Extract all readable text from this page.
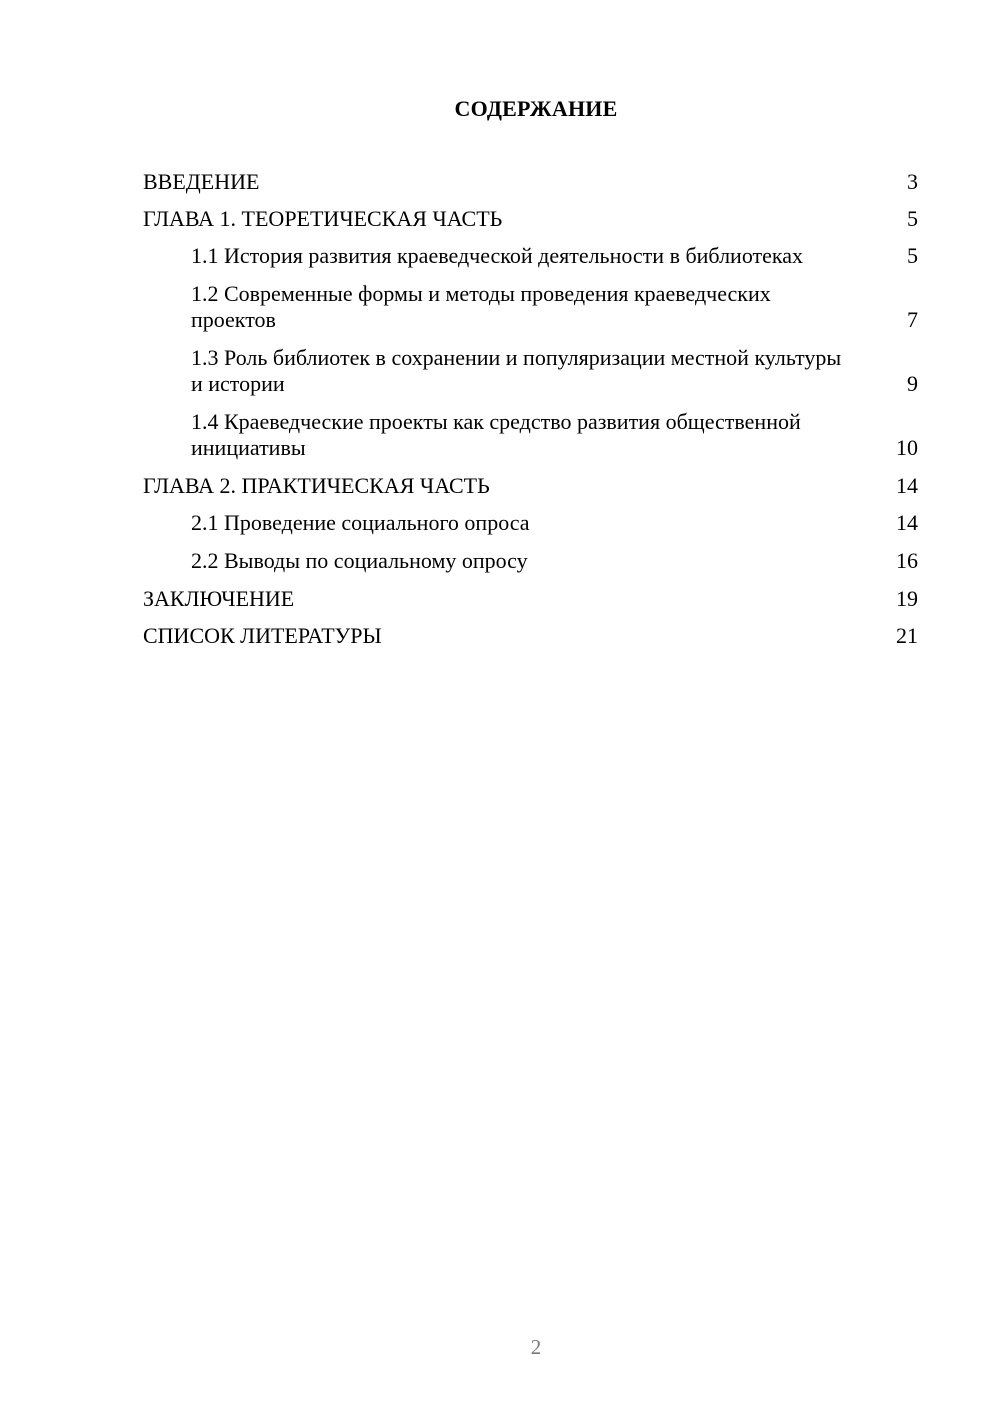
СОДЕРЖАНИЕ
ВВЕДЕНИЕ	3
ГЛАВА 1. ТЕОРЕТИЧЕСКАЯ ЧАСТЬ	5
1.1 История развития краеведческой деятельности в библиотеках	5
1.2 Современные формы и методы проведения краеведческих проектов	7
1.3 Роль библиотек в сохранении и популяризации местной культуры и истории	9
1.4 Краеведческие проекты как средство развития общественной инициативы	10
ГЛАВА 2. ПРАКТИЧЕСКАЯ ЧАСТЬ	14
2.1 Проведение социального опроса	14
2.2 Выводы по социальному опросу	16
ЗАКЛЮЧЕНИЕ	19
СПИСОК ЛИТЕРАТУРЫ	21
2
